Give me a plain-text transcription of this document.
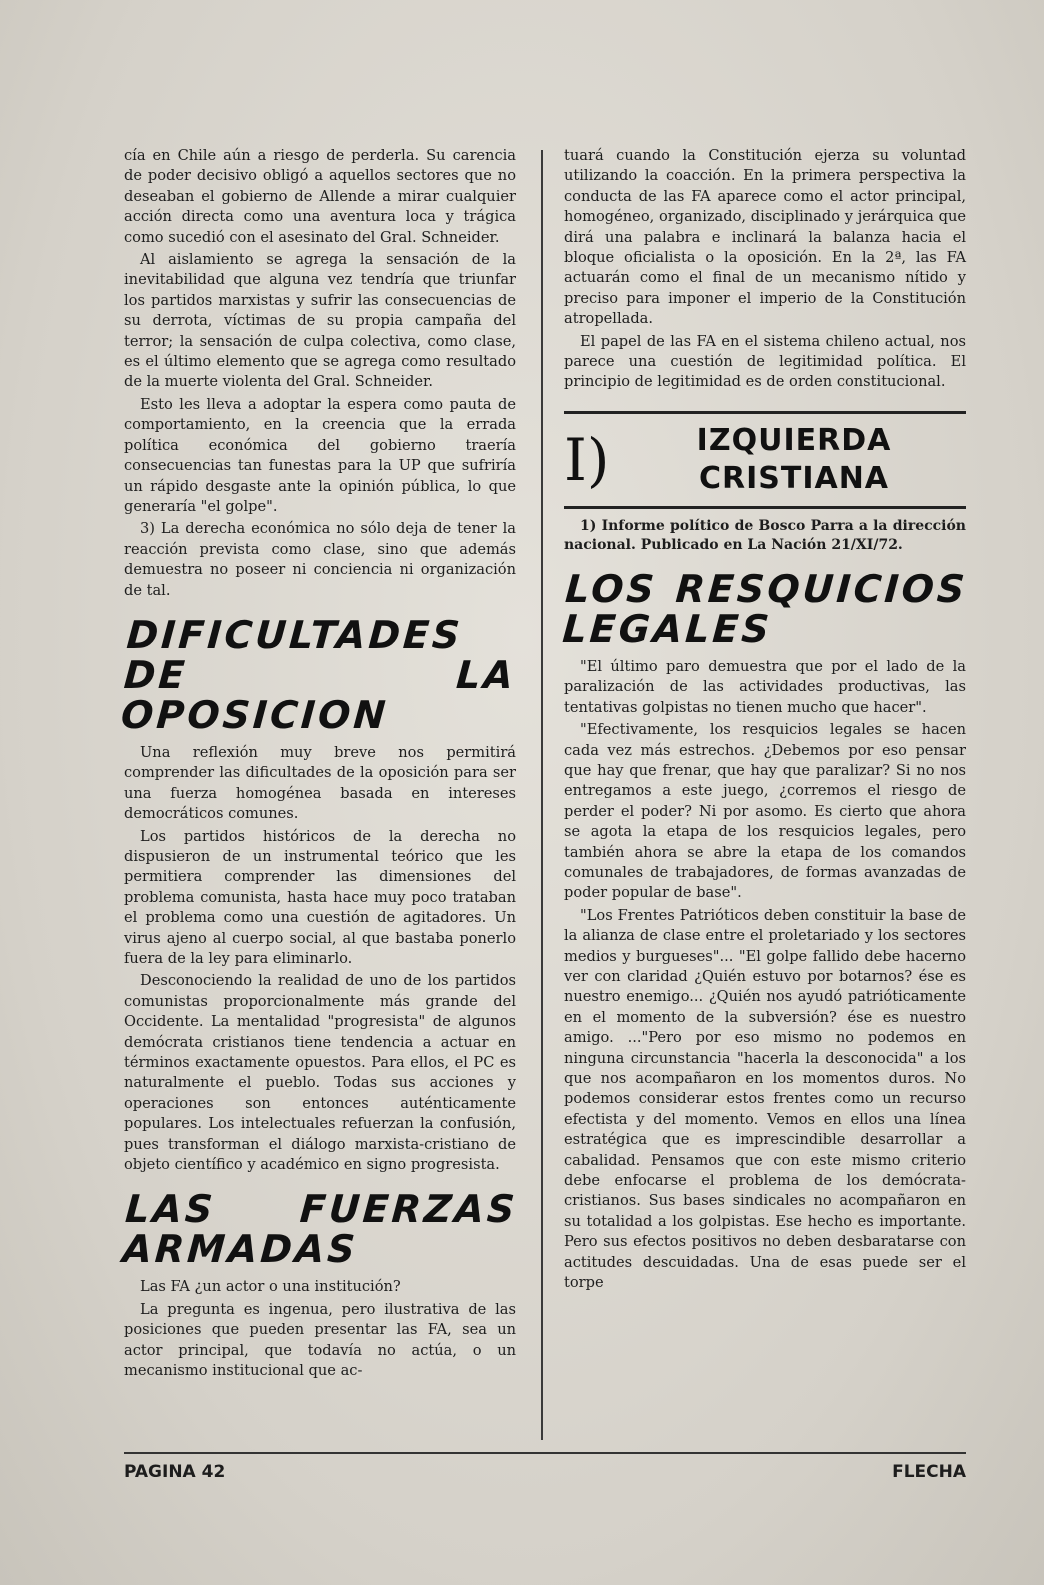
cía en Chile aún a riesgo de perderla. Su carencia de poder decisivo obligó a aquellos sectores que no deseaban el gobierno de Allende a mirar cualquier acción directa como una aventura loca y trágica como sucedió con el asesinato del Gral. Schneider.

Al aislamiento se agrega la sensación de la inevitabilidad que alguna vez tendría que triunfar los partidos marxistas y sufrir las consecuencias de su derrota, víctimas de su propia campaña del terror; la sensación de culpa colectiva, como clase, es el último elemento que se agrega como resultado de la muerte violenta del Gral. Schneider.

Esto les lleva a adoptar la espera como pauta de comportamiento, en la creencia que la errada política económica del gobierno traería consecuencias tan funestas para la UP que sufriría un rápido desgaste ante la opinión pública, lo que generaría "el golpe".

3) La derecha económica no sólo deja de tener la reacción prevista como clase, sino que además demuestra no poseer ni conciencia ni organización de tal.

DIFICULTADES DE LA OPOSICION

Una reflexión muy breve nos permitirá comprender las dificultades de la oposición para ser una fuerza homogénea basada en intereses democráticos comunes.

Los partidos históricos de la derecha no dispusieron de un instrumental teórico que les permitiera comprender las dimensiones del problema comunista, hasta hace muy poco trataban el problema como una cuestión de agitadores. Un virus ajeno al cuerpo social, al que bastaba ponerlo fuera de la ley para eliminarlo.

Desconociendo la realidad de uno de los partidos comunistas proporcionalmente más grande del Occidente. La mentalidad "progresista" de algunos demócrata cristianos tiene tendencia a actuar en términos exactamente opuestos. Para ellos, el PC es naturalmente el pueblo. Todas sus acciones y operaciones son entonces auténticamente populares. Los intelectuales refuerzan la confusión, pues transforman el diálogo marxista-cristiano de objeto científico y académico en signo progresista.

LAS FUERZAS ARMADAS

Las FA ¿un actor o una institución?

La pregunta es ingenua, pero ilustrativa de las posiciones que pueden presentar las FA, sea un actor principal, que todavía no actúa, o un mecanismo institucional que ac-

tuará cuando la Constitución ejerza su voluntad utilizando la coacción. En la primera perspectiva la conducta de las FA aparece como el actor principal, homogéneo, organizado, disciplinado y jerárquica que dirá una palabra e inclinará la balanza hacia el bloque oficialista o la oposición. En la 2ª, las FA actuarán como el final de un mecanismo nítido y preciso para imponer el imperio de la Constitución atropellada.

El papel de las FA en el sistema chileno actual, nos parece una cuestión de legitimidad política. El principio de legitimidad es de orden constitucional.

I)	IZQUIERDA CRISTIANA
1) Informe político de Bosco Parra a la dirección nacional. Publicado en La Nación 21/XI/72.
LOS RESQUICIOS LEGALES

"El último paro demuestra que por el lado de la paralización de las actividades productivas, las tentativas golpistas no tienen mucho que hacer".

"Efectivamente, los resquicios legales se hacen cada vez más estrechos. ¿Debemos por eso pensar que hay que frenar, que hay que paralizar? Si no nos entregamos a este juego, ¿corremos el riesgo de perder el poder? Ni por asomo. Es cierto que ahora se agota la etapa de los resquicios legales, pero también ahora se abre la etapa de los comandos comunales de trabajadores, de formas avanzadas de poder popular de base".

"Los Frentes Patrióticos deben constituir la base de la alianza de clase entre el proletariado y los sectores medios y burgueses"... "El golpe fallido debe hacerno ver con claridad ¿Quién estuvo por botarnos? ése es nuestro enemigo... ¿Quién nos ayudó patrióticamente en el momento de la subversión? ése es nuestro amigo. ..."Pero por eso mismo no podemos en ninguna circunstancia "hacerla la desconocida" a los que nos acompañaron en los momentos duros. No podemos considerar estos frentes como un recurso efectista y del momento. Vemos en ellos una línea estratégica que es imprescindible desarrollar a cabalidad. Pensamos que con este mismo criterio debe enfocarse el problema de los demócrata-cristianos. Sus bases sindicales no acompañaron en su totalidad a los golpistas. Ese hecho es importante. Pero sus efectos positivos no deben desbaratarse con actitudes descuidadas. Una de esas puede ser el torpe

PAGINA 42	FLECHA
